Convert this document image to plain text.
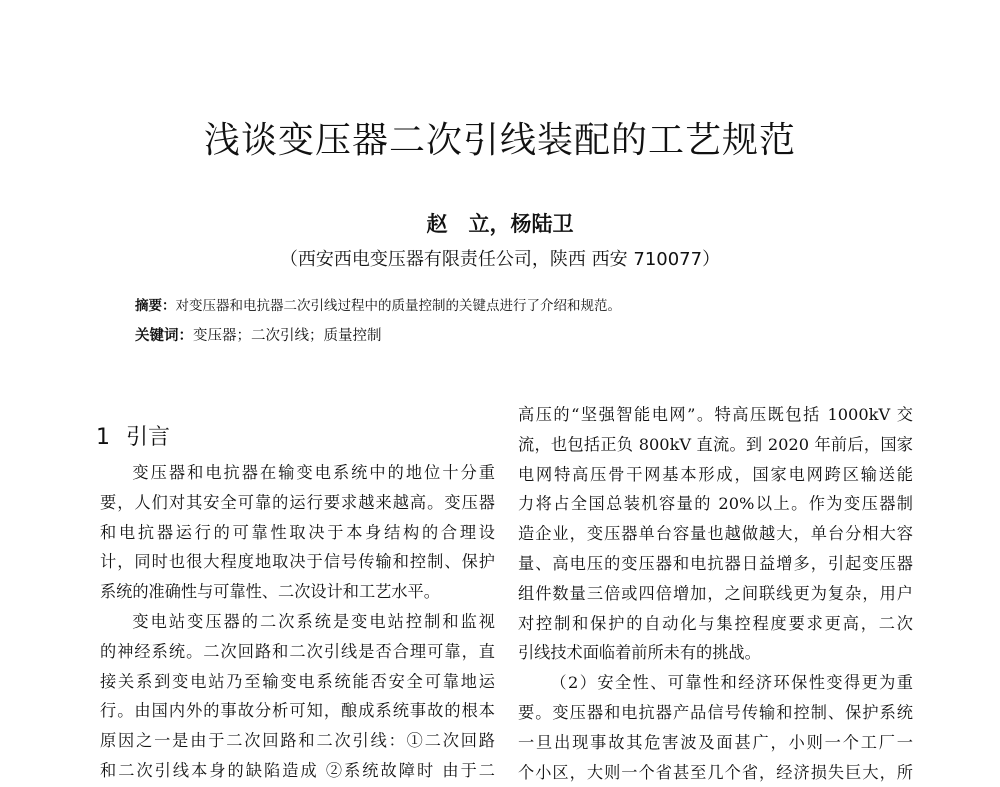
浅谈变压器二次引线装配的工艺规范
赵　立，杨陆卫
（西安西电变压器有限责任公司，陕西 西安 710077）
摘要：对变压器和电抗器二次引线过程中的质量控制的关键点进行了介绍和规范。
关键词：变压器；二次引线；质量控制
1 引言

变压器和电抗器在输变电系统中的地位十分重
要，人们对其安全可靠的运行要求越来越高。变压器
和电抗器运行的可靠性取决于本身结构的合理设
计，同时也很大程度地取决于信号传输和控制、保护
系统的准确性与可靠性、二次设计和工艺水平。

变电站变压器的二次系统是变电站控制和监视
的神经系统。二次回路和二次引线是否合理可靠，直
接关系到变电站乃至输变电系统能否安全可靠地运
行。由国内外的事故分析可知，酿成系统事故的根本
原因之一是由于二次回路和二次引线：①二次回路
和二次引线本身的缺陷造成 ②系统故障时 由于二

高压的“坚强智能电网”。特高压既包括 1000kV 交
流，也包括正负 800kV 直流。到 2020 年前后，国家
电网特高压骨干网基本形成，国家电网跨区输送能
力将占全国总装机容量的 20%以上。作为变压器制
造企业，变压器单台容量也越做越大，单台分相大容
量、高电压的变压器和电抗器日益增多，引起变压器
组件数量三倍或四倍增加，之间联线更为复杂，用户
对控制和保护的自动化与集控程度要求更高，二次
引线技术面临着前所未有的挑战。

（2）安全性、可靠性和经济环保性变得更为重
要。变压器和电抗器产品信号传输和控制、保护系统
一旦出现事故其危害波及面甚广，小则一个工厂一
个小区，大则一个省甚至几个省，经济损失巨大，所
